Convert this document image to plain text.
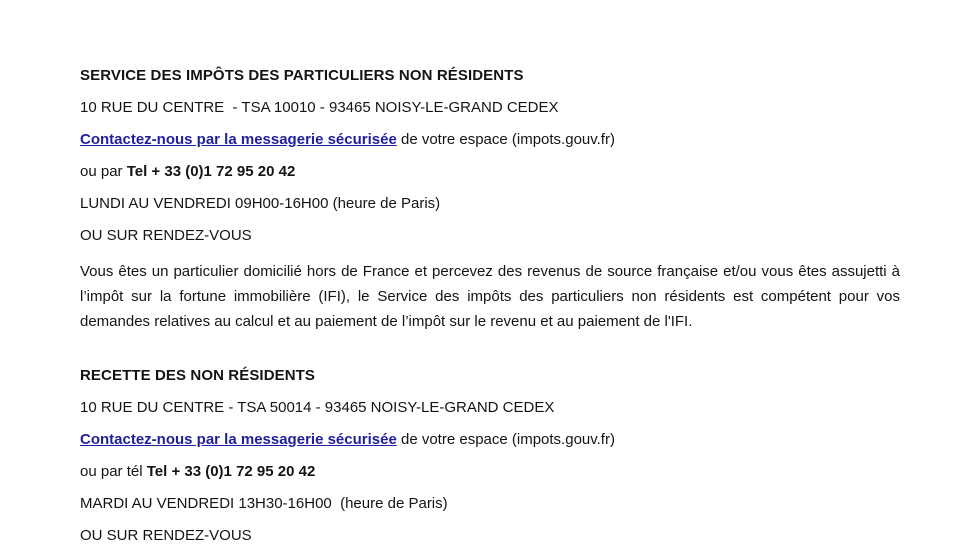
SERVICE DES IMPÔTS DES PARTICULIERS NON RÉSIDENTS

10 RUE DU CENTRE  - TSA 10010 - 93465 NOISY-LE-GRAND CEDEX

Contactez-nous par la messagerie sécurisée de votre espace (impots.gouv.fr)

ou par Tel + 33 (0)1 72 95 20 42

LUNDI AU VENDREDI 09H00-16H00 (heure de Paris)

OU SUR RENDEZ-VOUS

Vous êtes un particulier domicilié hors de France et percevez des revenus de source française et/ou vous êtes assujetti à l’impôt sur la fortune immobilière (IFI), le Service des impôts des particuliers non résidents est compétent pour vos demandes relatives au calcul et au paiement de l’impôt sur le revenu et au paiement de l'IFI.

RECETTE DES NON RÉSIDENTS

10 RUE DU CENTRE - TSA 50014 - 93465 NOISY-LE-GRAND CEDEX

Contactez-nous par la messagerie sécurisée de votre espace (impots.gouv.fr)

ou par tél Tel + 33 (0)1 72 95 20 42

MARDI AU VENDREDI 13H30-16H00  (heure de Paris)

OU SUR RENDEZ-VOUS
